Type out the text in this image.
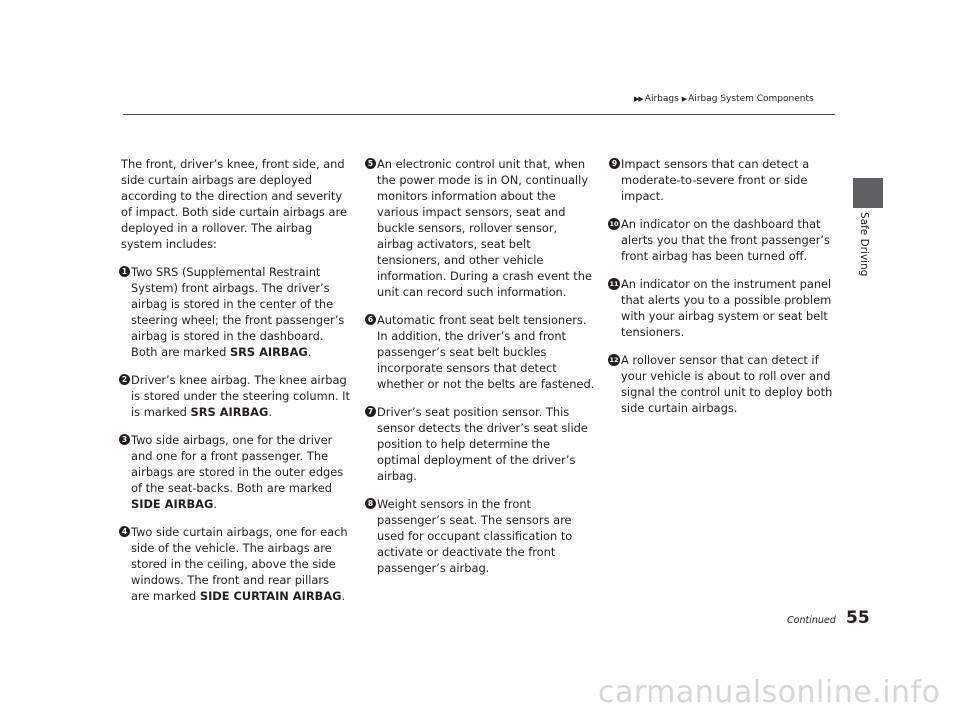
▶▶ Airbags ▶ Airbag System Components
Safe Driving

The front, driver’s knee, front side, and side curtain airbags are deployed according to the direction and severity of impact. Both side curtain airbags are deployed in a rollover. The airbag system includes:

1 Two SRS (Supplemental Restraint System) front airbags. The driver’s airbag is stored in the center of the steering wheel; the front passenger’s airbag is stored in the dashboard. Both are marked SRS AIRBAG.
2 Driver’s knee airbag. The knee airbag is stored under the steering column. It is marked SRS AIRBAG.
3 Two side airbags, one for the driver and one for a front passenger. The airbags are stored in the outer edges of the seat-backs. Both are marked SIDE AIRBAG.
4 Two side curtain airbags, one for each side of the vehicle. The airbags are stored in the ceiling, above the side windows. The front and rear pillars are marked SIDE CURTAIN AIRBAG.
5 An electronic control unit that, when the power mode is in ON, continually monitors information about the various impact sensors, seat and buckle sensors, rollover sensor, airbag activators, seat belt tensioners, and other vehicle information. During a crash event the unit can record such information.
6 Automatic front seat belt tensioners. In addition, the driver’s and front passenger’s seat belt buckles incorporate sensors that detect whether or not the belts are fastened.
7 Driver’s seat position sensor. This sensor detects the driver’s seat slide position to help determine the optimal deployment of the driver’s airbag.
8 Weight sensors in the front passenger’s seat. The sensors are used for occupant classification to activate or deactivate the front passenger’s airbag.
9 Impact sensors that can detect a moderate-to-severe front or side impact.
10 An indicator on the dashboard that alerts you that the front passenger’s front airbag has been turned off.
11 An indicator on the instrument panel that alerts you to a possible problem with your airbag system or seat belt tensioners.
12 A rollover sensor that can detect if your vehicle is about to roll over and signal the control unit to deploy both side curtain airbags.
Continued 55
carmanualsonline.info
